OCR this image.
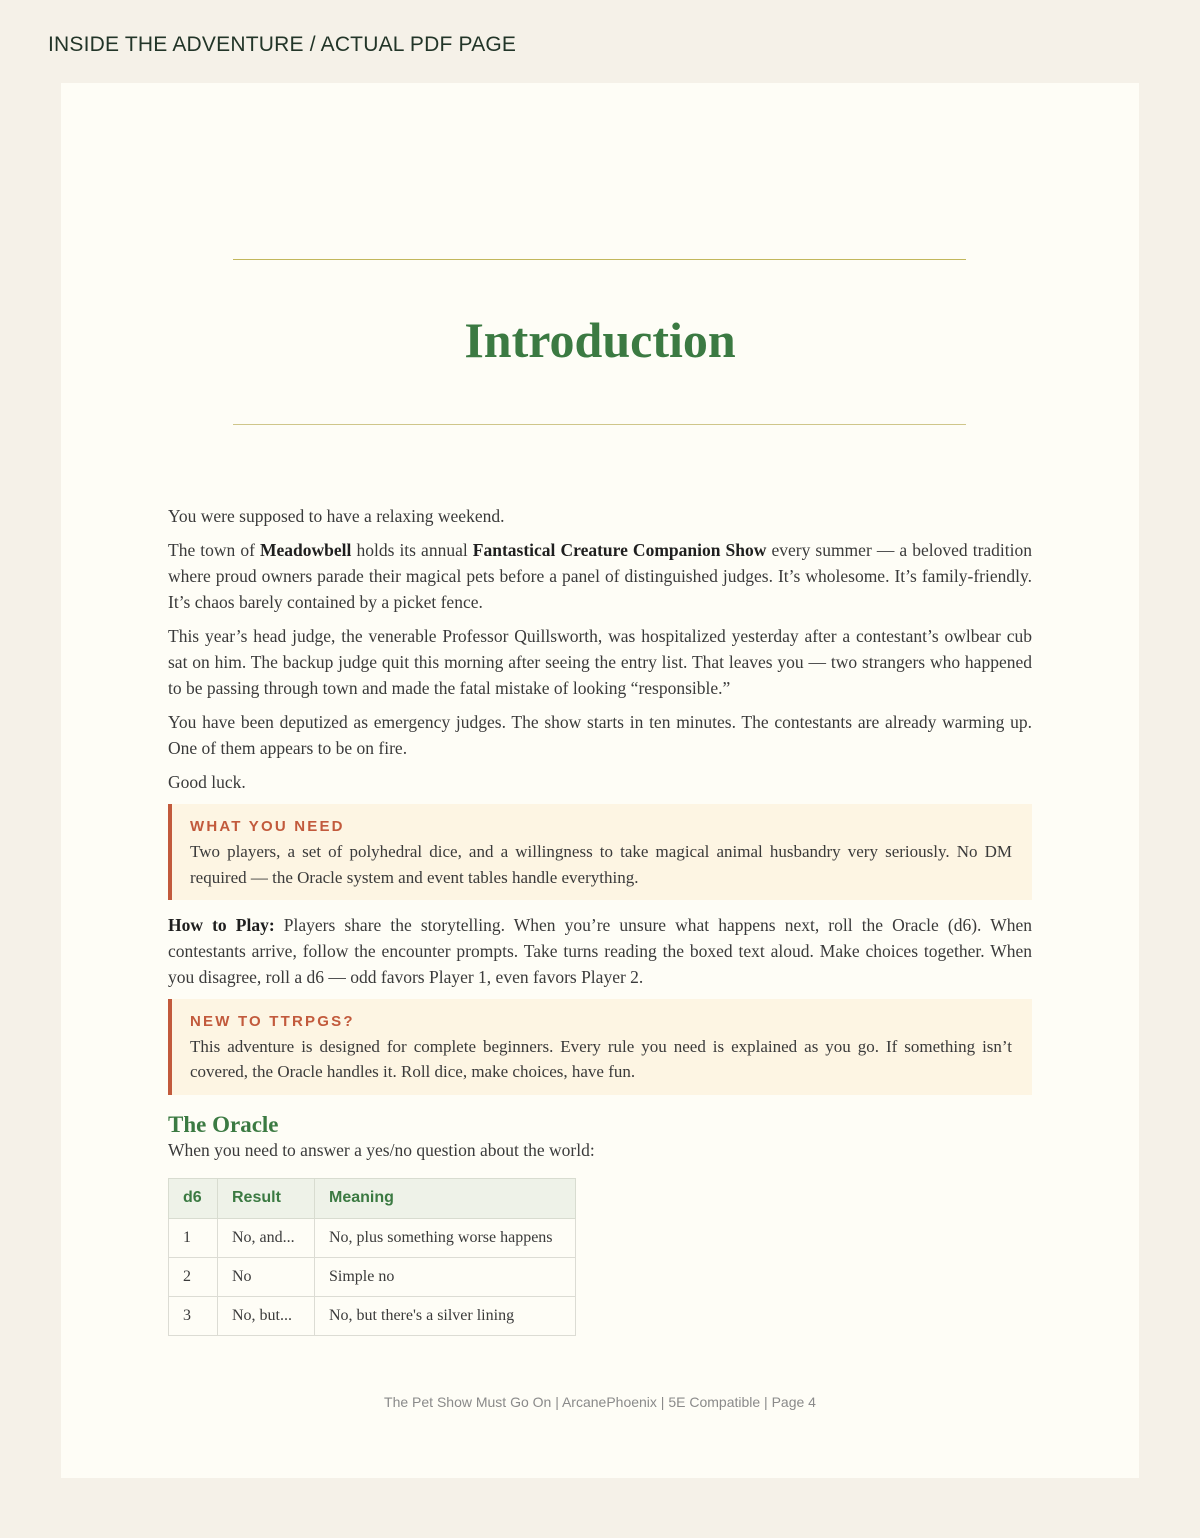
INSIDE THE ADVENTURE / ACTUAL PDF PAGE
Introduction

You were supposed to have a relaxing weekend.

The town of Meadowbell holds its annual Fantastical Creature Companion Show every summer — a beloved tradition where proud owners parade their magical pets before a panel of distinguished judges. It’s wholesome. It’s family-friendly. It’s chaos barely contained by a picket fence.

This year’s head judge, the venerable Professor Quillsworth, was hospitalized yesterday after a contestant’s owlbear cub sat on him. The backup judge quit this morning after seeing the entry list. That leaves you — two strangers who happened to be passing through town and made the fatal mistake of looking “responsible.”

You have been deputized as emergency judges. The show starts in ten minutes. The contestants are already warming up. One of them appears to be on fire.

Good luck.

WHAT YOU NEED

Two players, a set of polyhedral dice, and a willingness to take magical animal husbandry very seriously. No DM required — the Oracle system and event tables handle everything.

How to Play: Players share the storytelling. When you’re unsure what happens next, roll the Oracle (d6). When contestants arrive, follow the encounter prompts. Take turns reading the boxed text aloud. Make choices together. When you disagree, roll a d6 — odd favors Player 1, even favors Player 2.

NEW TO TTRPGS?

This adventure is designed for complete beginners. Every rule you need is explained as you go. If something isn’t covered, the Oracle handles it. Roll dice, make choices, have fun.

The Oracle

When you need to answer a yes/no question about the world:

d6	Result	Meaning
1	No, and...	No, plus something worse happens
2	No	Simple no
3	No, but...	No, but there's a silver lining
The Pet Show Must Go On | ArcanePhoenix | 5E Compatible | Page 4
